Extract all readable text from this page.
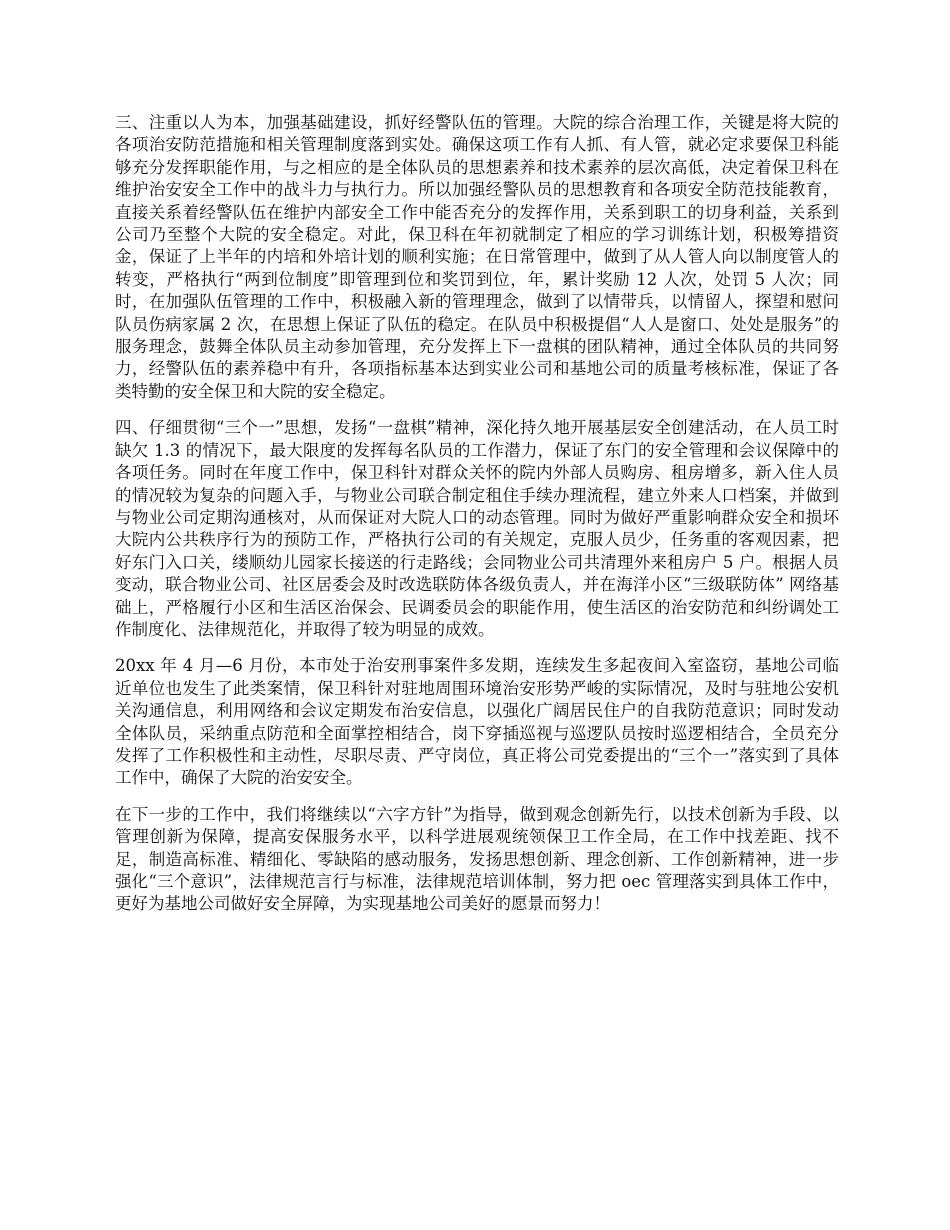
三、注重以人为本，加强基础建设，抓好经警队伍的管理。大院的综合治理工作，关键是将大院的各项治安防范措施和相关管理制度落到实处。确保这项工作有人抓、有人管，就必定求要保卫科能够充分发挥职能作用，与之相应的是全体队员的思想素养和技术素养的层次高低，决定着保卫科在维护治安安全工作中的战斗力与执行力。所以加强经警队员的思想教育和各项安全防范技能教育，直接关系着经警队伍在维护内部安全工作中能否充分的发挥作用，关系到职工的切身利益，关系到公司乃至整个大院的安全稳定。对此，保卫科在年初就制定了相应的学习训练计划，积极筹措资金，保证了上半年的内培和外培计划的顺利实施；在日常管理中，做到了从人管人向以制度管人的转变，严格执行“两到位制度”即管理到位和奖罚到位，年，累计奖励 12 人次，处罚 5 人次；同时，在加强队伍管理的工作中，积极融入新的管理理念，做到了以情带兵，以情留人，探望和慰问队员伤病家属 2 次，在思想上保证了队伍的稳定。在队员中积极提倡“人人是窗口、处处是服务”的服务理念，鼓舞全体队员主动参加管理，充分发挥上下一盘棋的团队精神，通过全体队员的共同努力，经警队伍的素养稳中有升，各项指标基本达到实业公司和基地公司的质量考核标准，保证了各类特勤的安全保卫和大院的安全稳定。

四、仔细贯彻“三个一”思想，发扬“一盘棋”精神，深化持久地开展基层安全创建活动，在人员工时缺欠 1.3 的情况下，最大限度的发挥每名队员的工作潜力，保证了东门的安全管理和会议保障中的各项任务。同时在年度工作中，保卫科针对群众关怀的院内外部人员购房、租房增多，新入住人员的情况较为复杂的问题入手，与物业公司联合制定租住手续办理流程，建立外来人口档案，并做到与物业公司定期沟通核对，从而保证对大院人口的动态管理。同时为做好严重影响群众安全和损坏大院内公共秩序行为的预防工作，严格执行公司的有关规定，克服人员少，任务重的客观因素，把好东门入口关，缕顺幼儿园家长接送的行走路线；会同物业公司共清理外来租房户 5 户。根据人员变动，联合物业公司、社区居委会及时改选联防体各级负责人，并在海洋小区“三级联防体” 网络基础上，严格履行小区和生活区治保会、民调委员会的职能作用，使生活区的治安防范和纠纷调处工作制度化、法律规范化，并取得了较为明显的成效。

20xx 年 4 月—6 月份，本市处于治安刑事案件多发期，连续发生多起夜间入室盗窃，基地公司临近单位也发生了此类案情，保卫科针对驻地周围环境治安形势严峻的实际情况，及时与驻地公安机关沟通信息，利用网络和会议定期发布治安信息，以强化广阔居民住户的自我防范意识；同时发动全体队员，采纳重点防范和全面掌控相结合，岗下穿插巡视与巡逻队员按时巡逻相结合，全员充分发挥了工作积极性和主动性，尽职尽责、严守岗位，真正将公司党委提出的“三个一”落实到了具体工作中，确保了大院的治安安全。

在下一步的工作中，我们将继续以“六字方针”为指导，做到观念创新先行，以技术创新为手段、以管理创新为保障，提高安保服务水平，以科学进展观统领保卫工作全局，在工作中找差距、找不足，制造高标准、精细化、零缺陷的感动服务，发扬思想创新、理念创新、工作创新精神，进一步强化“三个意识”，法律规范言行与标准，法律规范培训体制，努力把 oec 管理落实到具体工作中，更好为基地公司做好安全屏障，为实现基地公司美好的愿景而努力！
